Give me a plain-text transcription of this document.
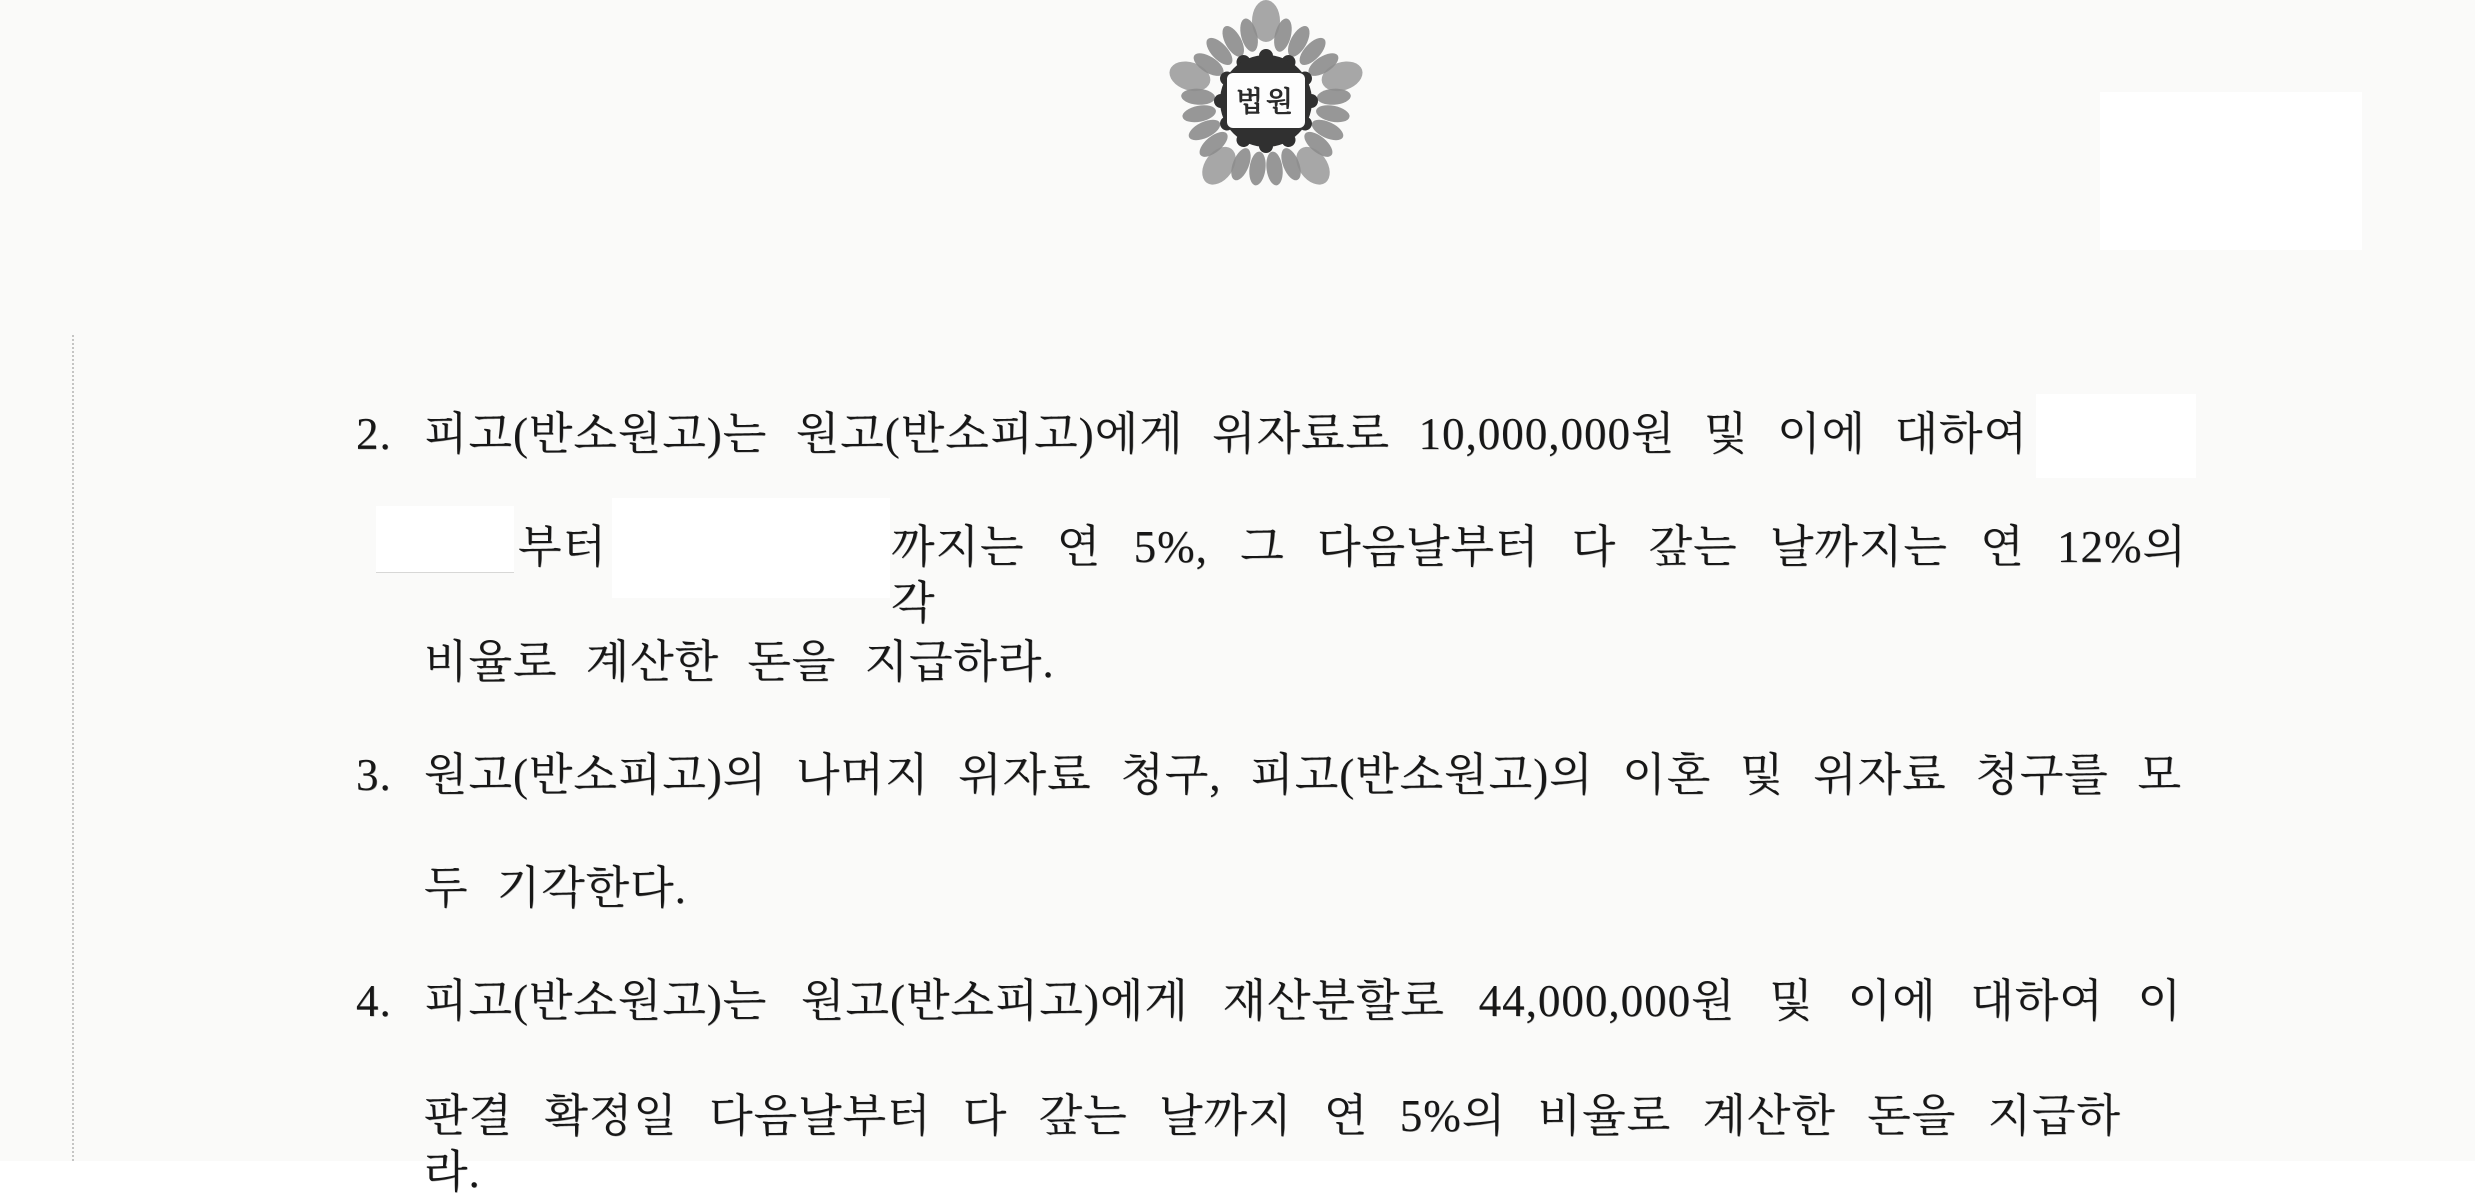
법원
2. 피고(반소원고)는 원고(반소피고)에게 위자료로 10,000,000원 및 이에 대하여
부터	까지는 연 5%, 그 다음날부터 다 갚는 날까지는 연 12%의 각
비율로 계산한 돈을 지급하라.
3. 원고(반소피고)의 나머지 위자료 청구, 피고(반소원고)의 이혼 및 위자료 청구를 모
두 기각한다.
4. 피고(반소원고)는 원고(반소피고)에게 재산분할로 44,000,000원 및 이에 대하여 이
판결 확정일 다음날부터 다 갚는 날까지 연 5%의 비율로 계산한 돈을 지급하라.
